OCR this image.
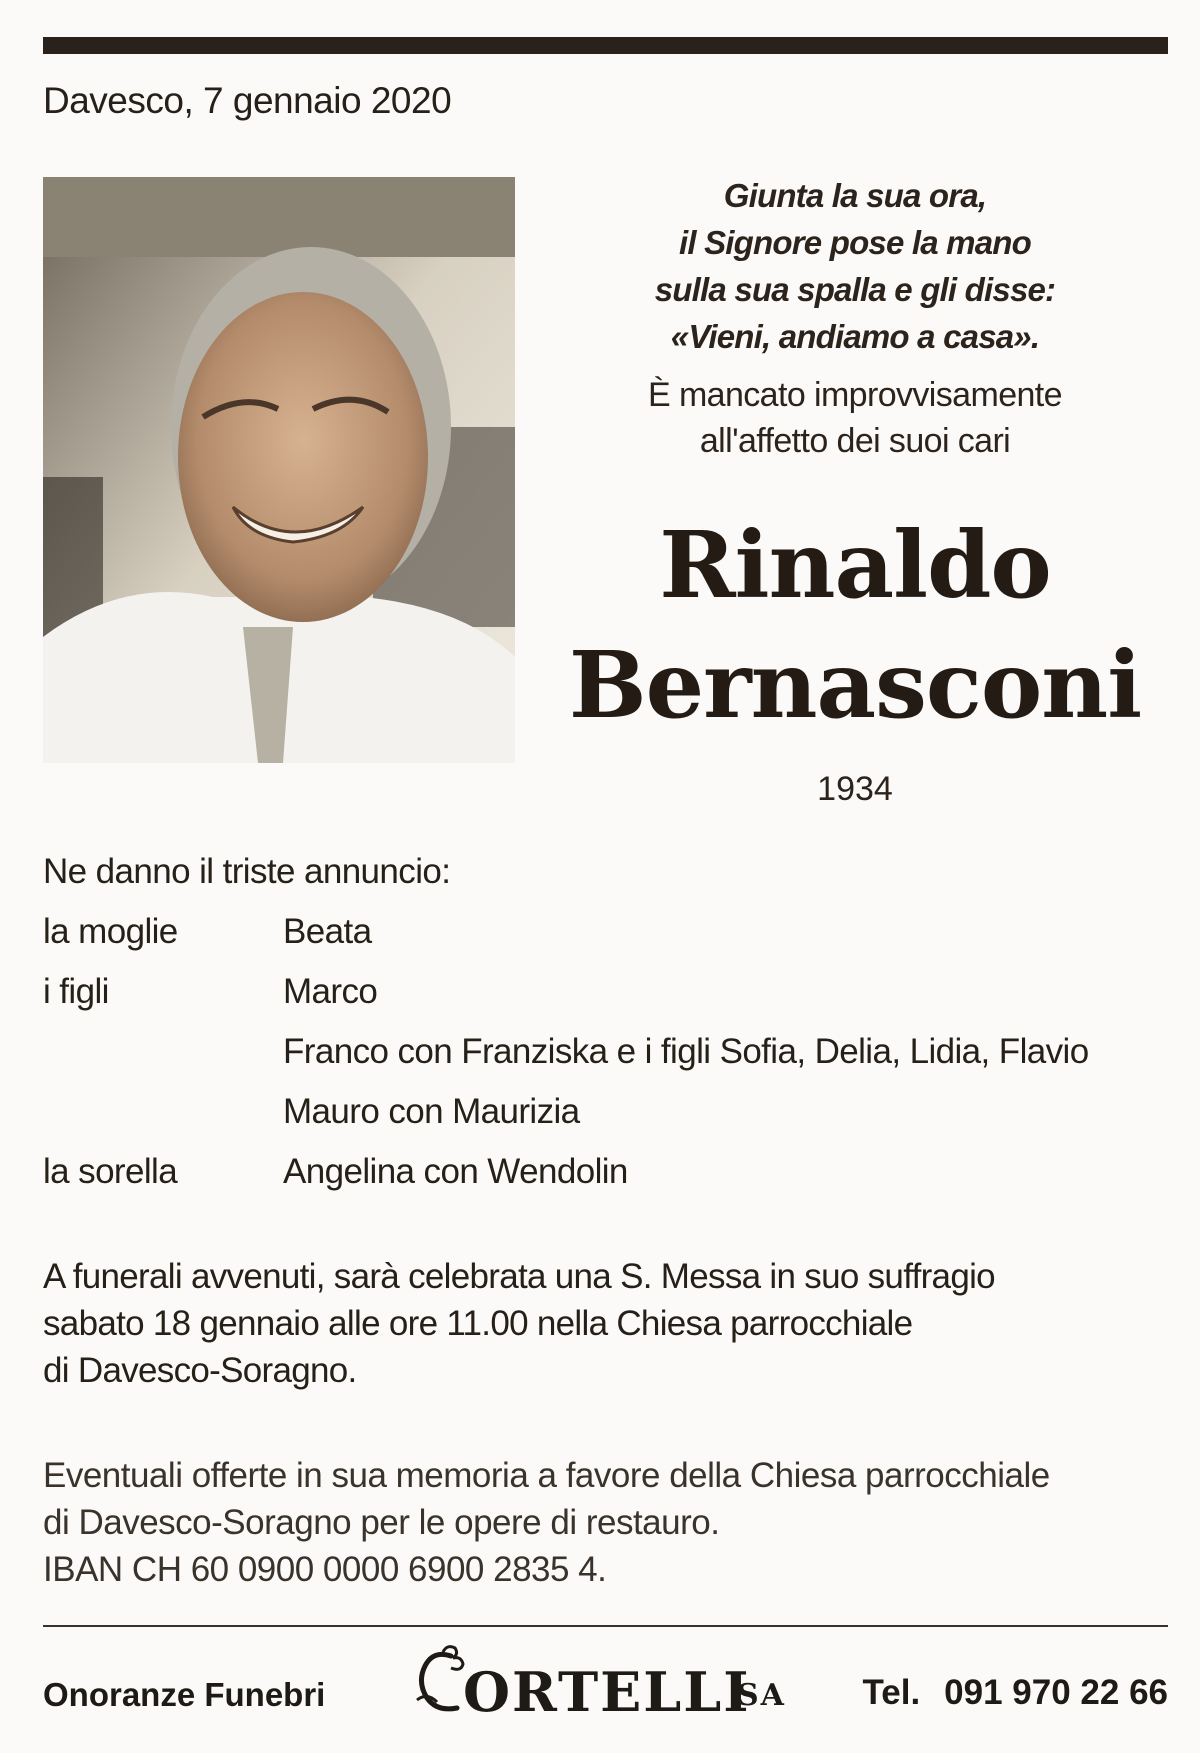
Davesco, 7 gennaio 2020
Giunta la sua ora,
il Signore pose la mano
sulla sua spalla e gli disse:
«Vieni, andiamo a casa».
È mancato improvvisamente
all'affetto dei suoi cari
Rinaldo
Bernasconi
1934
Ne danno il triste annuncio:
la moglie	Beata
i figli	Marco
Franco con Franziska e i figli Sofia, Delia, Lidia, Flavio
Mauro con Maurizia
la sorella	Angelina con Wendolin
A funerali avvenuti, sarà celebrata una S. Messa in suo suffragio
sabato 18 gennaio alle ore 11.00 nella Chiesa parrocchiale
di Davesco-Soragno.
Eventuali offerte in sua memoria a favore della Chiesa parrocchiale
di Davesco-Soragno per le opere di restauro.
IBAN CH 60 0900 0000 6900 2835 4.
Onoranze Funebri	ORTELLI
SA	Tel. 091 970 22 66
